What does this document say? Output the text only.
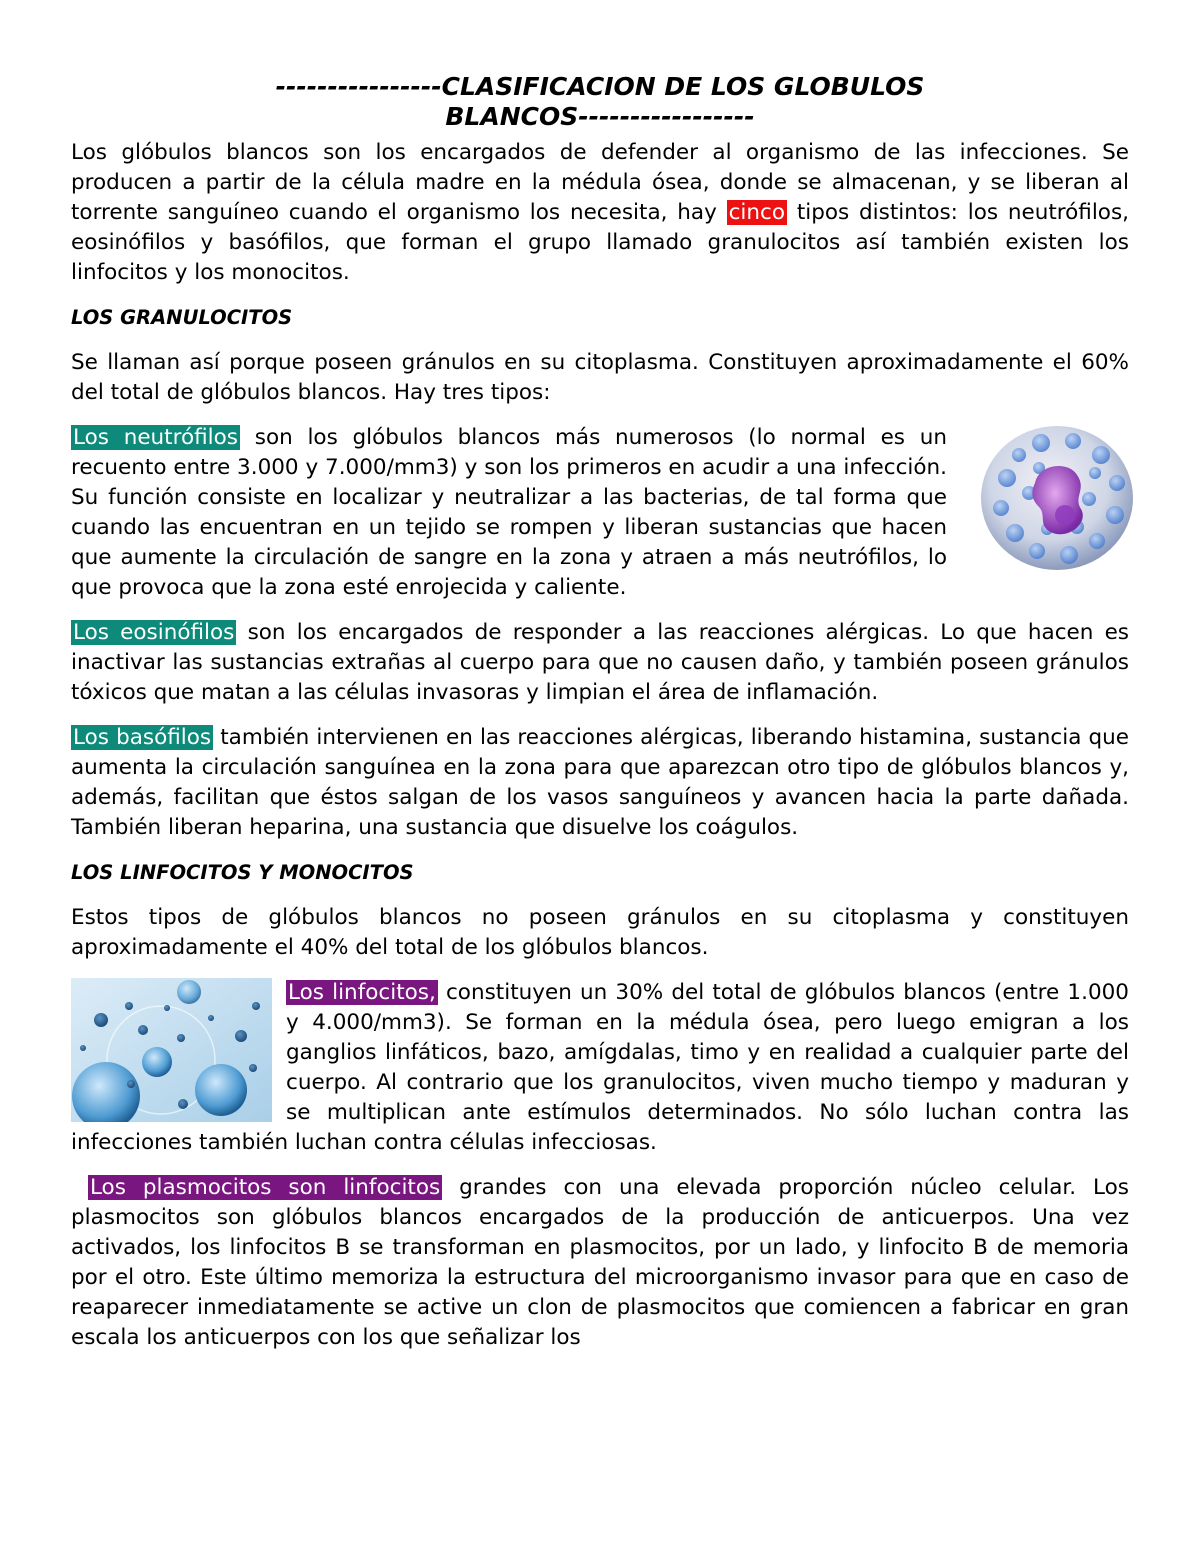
----------------CLASIFICACION DE LOS GLOBULOS
BLANCOS-----------------

Los glóbulos blancos son los encargados de defender al organismo de las infecciones. Se producen a partir de la célula madre en la médula ósea, donde se almacenan, y se liberan al torrente sanguíneo cuando el organismo los necesita, hay cinco tipos distintos: los neutrófilos, eosinófilos y basófilos, que forman el grupo llamado granulocitos así también existen los linfocitos y los monocitos.

LOS GRANULOCITOS

Se llaman así porque poseen gránulos en su citoplasma. Constituyen aproximadamente el 60% del total de glóbulos blancos. Hay tres tipos:

Los neutrófilos son los glóbulos blancos más numerosos (lo normal es un recuento entre 3.000 y 7.000/mm3) y son los primeros en acudir a una infección. Su función consiste en localizar y neutralizar a las bacterias, de tal forma que cuando las encuentran en un tejido se rompen y liberan sustancias que hacen que aumente la circulación de sangre en la zona y atraen a más neutrófilos, lo que provoca que la zona esté enrojecida y caliente.

Los eosinófilos son los encargados de responder a las reacciones alérgicas. Lo que hacen es inactivar las sustancias extrañas al cuerpo para que no causen daño, y también poseen gránulos tóxicos que matan a las células invasoras y limpian el área de inflamación.

Los basófilos también intervienen en las reacciones alérgicas, liberando histamina, sustancia que aumenta la circulación sanguínea en la zona para que aparezcan otro tipo de glóbulos blancos y, además, facilitan que éstos salgan de los vasos sanguíneos y avancen hacia la parte dañada. También liberan heparina, una sustancia que disuelve los coágulos.

LOS LINFOCITOS Y MONOCITOS

Estos tipos de glóbulos blancos no poseen gránulos en su citoplasma y constituyen aproximadamente el 40% del total de los glóbulos blancos.

Los linfocitos, constituyen un 30% del total de glóbulos blancos (entre 1.000 y 4.000/mm3). Se forman en la médula ósea, pero luego emigran a los ganglios linfáticos, bazo, amígdalas, timo y en realidad a cualquier parte del cuerpo. Al contrario que los granulocitos, viven mucho tiempo y maduran y se multiplican ante estímulos determinados. No sólo luchan contra las infecciones también luchan contra células infecciosas.

Los plasmocitos son linfocitos grandes con una elevada proporción núcleo celular. Los plasmocitos son glóbulos blancos encargados de la producción de anticuerpos. Una vez activados, los linfocitos B se transforman en plasmocitos, por un lado, y linfocito B de memoria por el otro. Este último memoriza la estructura del microorganismo invasor para que en caso de reaparecer inmediatamente se active un clon de plasmocitos que comiencen a fabricar en gran escala los anticuerpos con los que señalizar los
